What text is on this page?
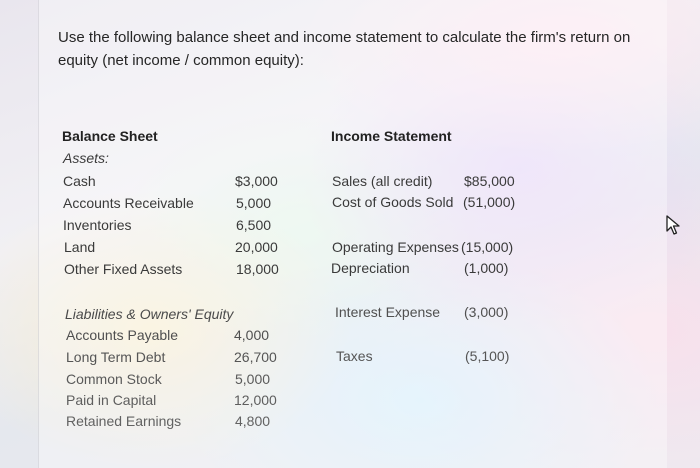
Use the following balance sheet and income statement to calculate the firm's return on equity (net income / common equity):
Balance Sheet
Assets:
Cash	$3,000
Accounts Receivable	5,000
Inventories	6,500
Land	20,000
Other Fixed Assets	18,000
Liabilities & Owners' Equity
Accounts Payable	4,000
Long Term Debt	26,700
Common Stock	5,000
Paid in Capital	12,000
Retained Earnings	4,800
Income Statement
Sales (all credit) $85,000
Cost of Goods Sold (51,000)
Operating Expenses (15,000)
Depreciation	(1,000)
Interest Expense (3,000)
Taxes	(5,100)
